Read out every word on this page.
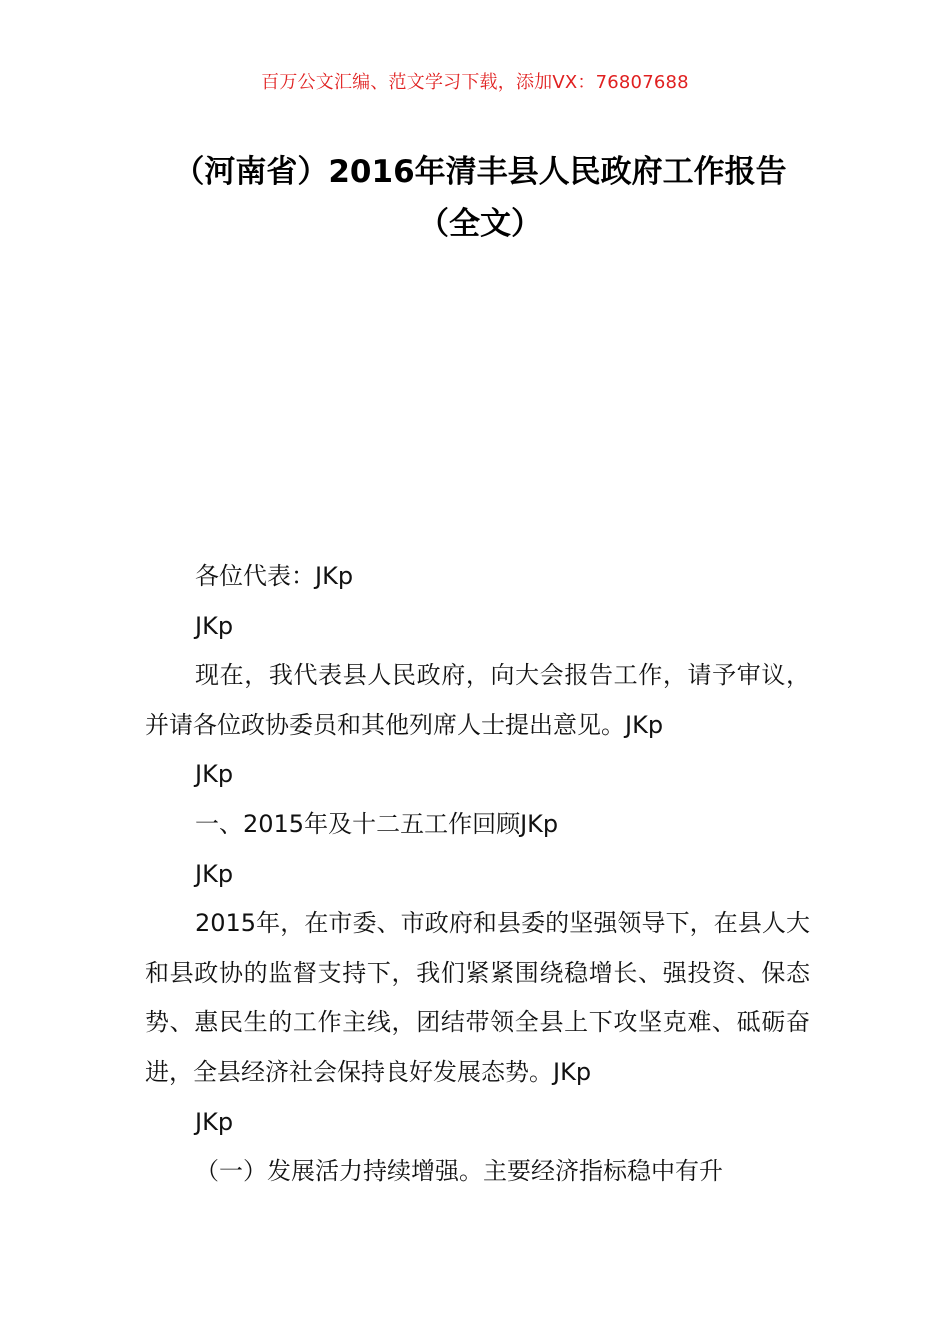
百万公文汇编、范文学习下载，添加VX：76807688
（河南省）2016年清丰县人民政府工作报告（全文）

各位代表：JKp

JKp

现在，我代表县人民政府，向大会报告工作，请予审议，并请各位政协委员和其他列席人士提出意见。JKp

JKp

一、2015年及十二五工作回顾JKp

JKp

2015年，在市委、市政府和县委的坚强领导下，在县人大和县政协的监督支持下，我们紧紧围绕稳增长、强投资、保态势、惠民生的工作主线，团结带领全县上下攻坚克难、砥砺奋进，全县经济社会保持良好发展态势。JKp

JKp

（一）发展活力持续增强。主要经济指标稳中有升
